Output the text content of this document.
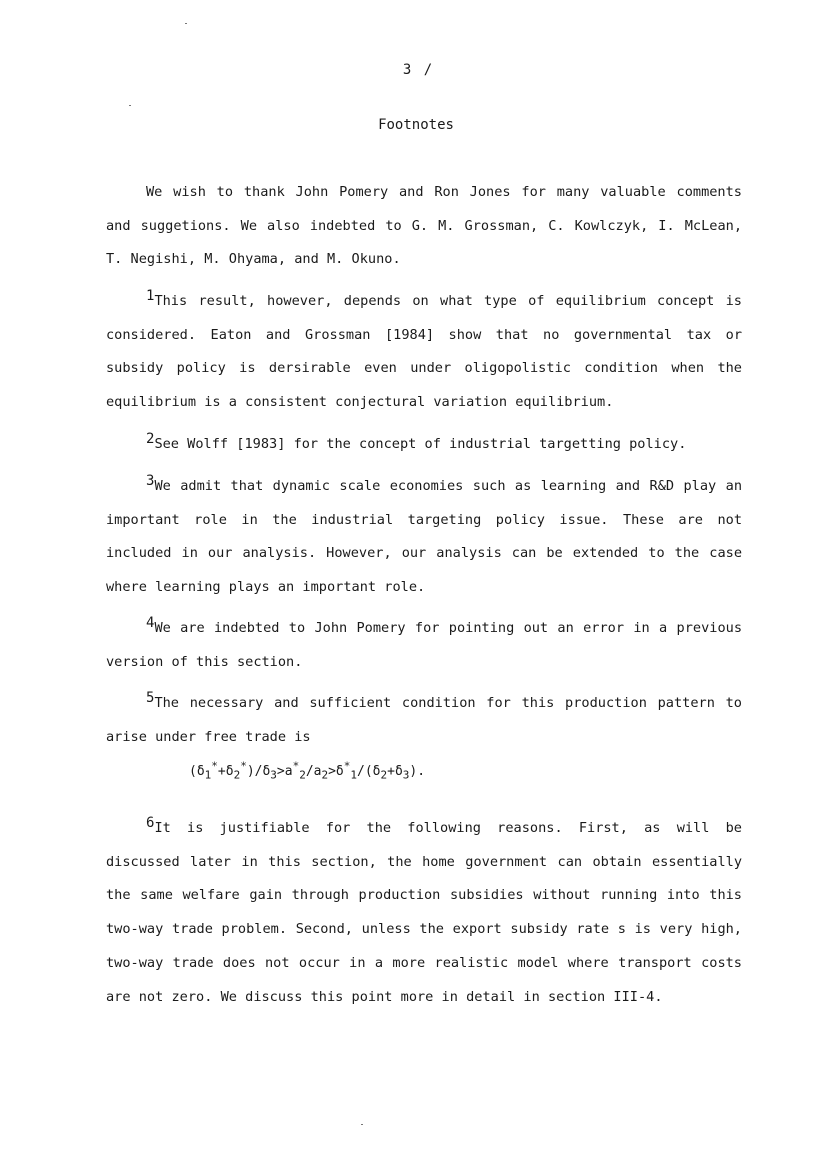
3 /
Footnotes

We wish to thank John Pomery and Ron Jones for many valuable comments and suggetions. We also indebted to G. M. Grossman, C. Kowlczyk, I. McLean, T. Negishi, M. Ohyama, and M. Okuno.

1This result, however, depends on what type of equilibrium concept is considered. Eaton and Grossman [1984] show that no governmental tax or subsidy policy is dersirable even under oligopolistic condition when the equilibrium is a consistent conjectural variation equilibrium.

2See Wolff [1983] for the concept of industrial targetting policy.

3We admit that dynamic scale economies such as learning and R&D play an important role in the industrial targeting policy issue. These are not included in our analysis. However, our analysis can be extended to the case where learning plays an important role.

4We are indebted to John Pomery for pointing out an error in a previous version of this section.

5The necessary and sufficient condition for this production pattern to arise under free trade is

$(\delta_1^*+\delta_2^*)/\delta_3>a^*_2/a_2>\delta^*_1/(\delta_2+\delta_3)$.

6It is justifiable for the following reasons. First, as will be discussed later in this section, the home government can obtain essentially the same welfare gain through production subsidies without running into this two-way trade problem. Second, unless the export subsidy rate s is very high, two-way trade does not occur in a more realistic model where transport costs are not zero. We discuss this point more in detail in section III-4.
